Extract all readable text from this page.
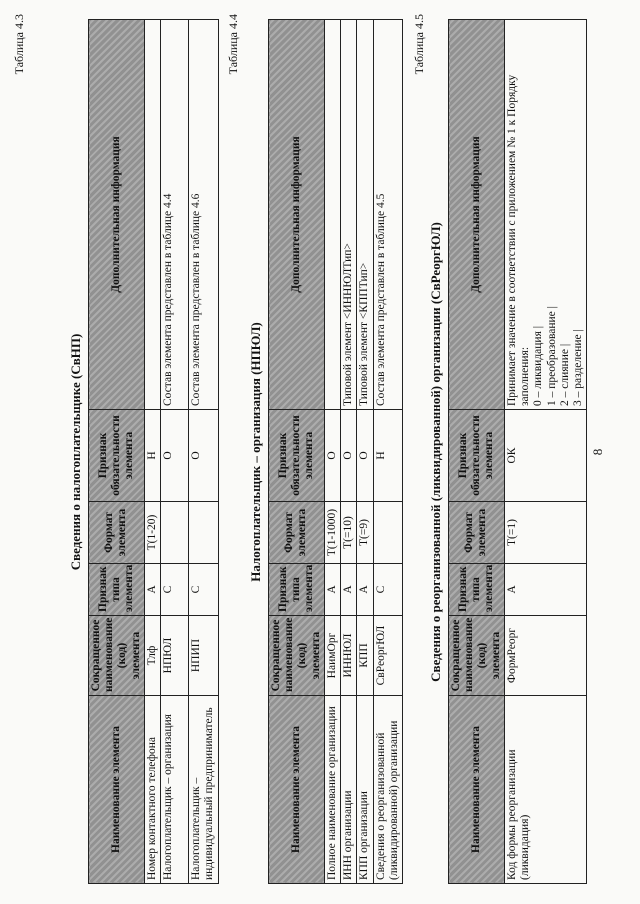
8
Таблица 4.3
Сведения о налогоплательщике (СвНП)
Наименование элемента	Сокращенное наименование (код) элемента	Признак типа элемента	Формат элемента	Признак обязательности элемента	Дополнительная информация
Номер контактного телефона	Тлф	А	T(1-20)	Н	
Налогоплательщик – организация	НПЮЛ	С		О	Состав элемента представлен в таблице 4.4
Налогоплательщик – индивидуальный предприниматель	НПИП	С		О	Состав элемента представлен в таблице 4.6
Таблица 4.4
Налогоплательщик – организация (НПЮЛ)
Наименование элемента	Сокращенное наименование (код) элемента	Признак типа элемента	Формат элемента	Признак обязательности элемента	Дополнительная информация
Полное наименование организации	НаимОрг	А	T(1-1000)	О	
ИНН организации	ИННЮЛ	А	T(=10)	О	Типовой элемент <ИННЮЛТип>
КПП организации	КПП	А	T(=9)	О	Типовой элемент <КППТип>
Сведения о реорганизованной (ликвидированной) организации	СвРеоргЮЛ	С		Н	Состав элемента представлен в таблице 4.5
Таблица 4.5
Сведения о реорганизованной (ликвидированной) организации (СвРеоргЮЛ)
Наименование элемента	Сокращенное наименование (код) элемента	Признак типа элемента	Формат элемента	Признак обязательности элемента	Дополнительная информация
Код формы реорганизации (ликвидация)	ФормРеорг	А	T(=1)	ОК	Принимает значение в соответствии с приложением № 1 к Порядку заполнения: 0 – ликвидация | 1 – преобразование | 2 – слияние | 3 – разделение |
